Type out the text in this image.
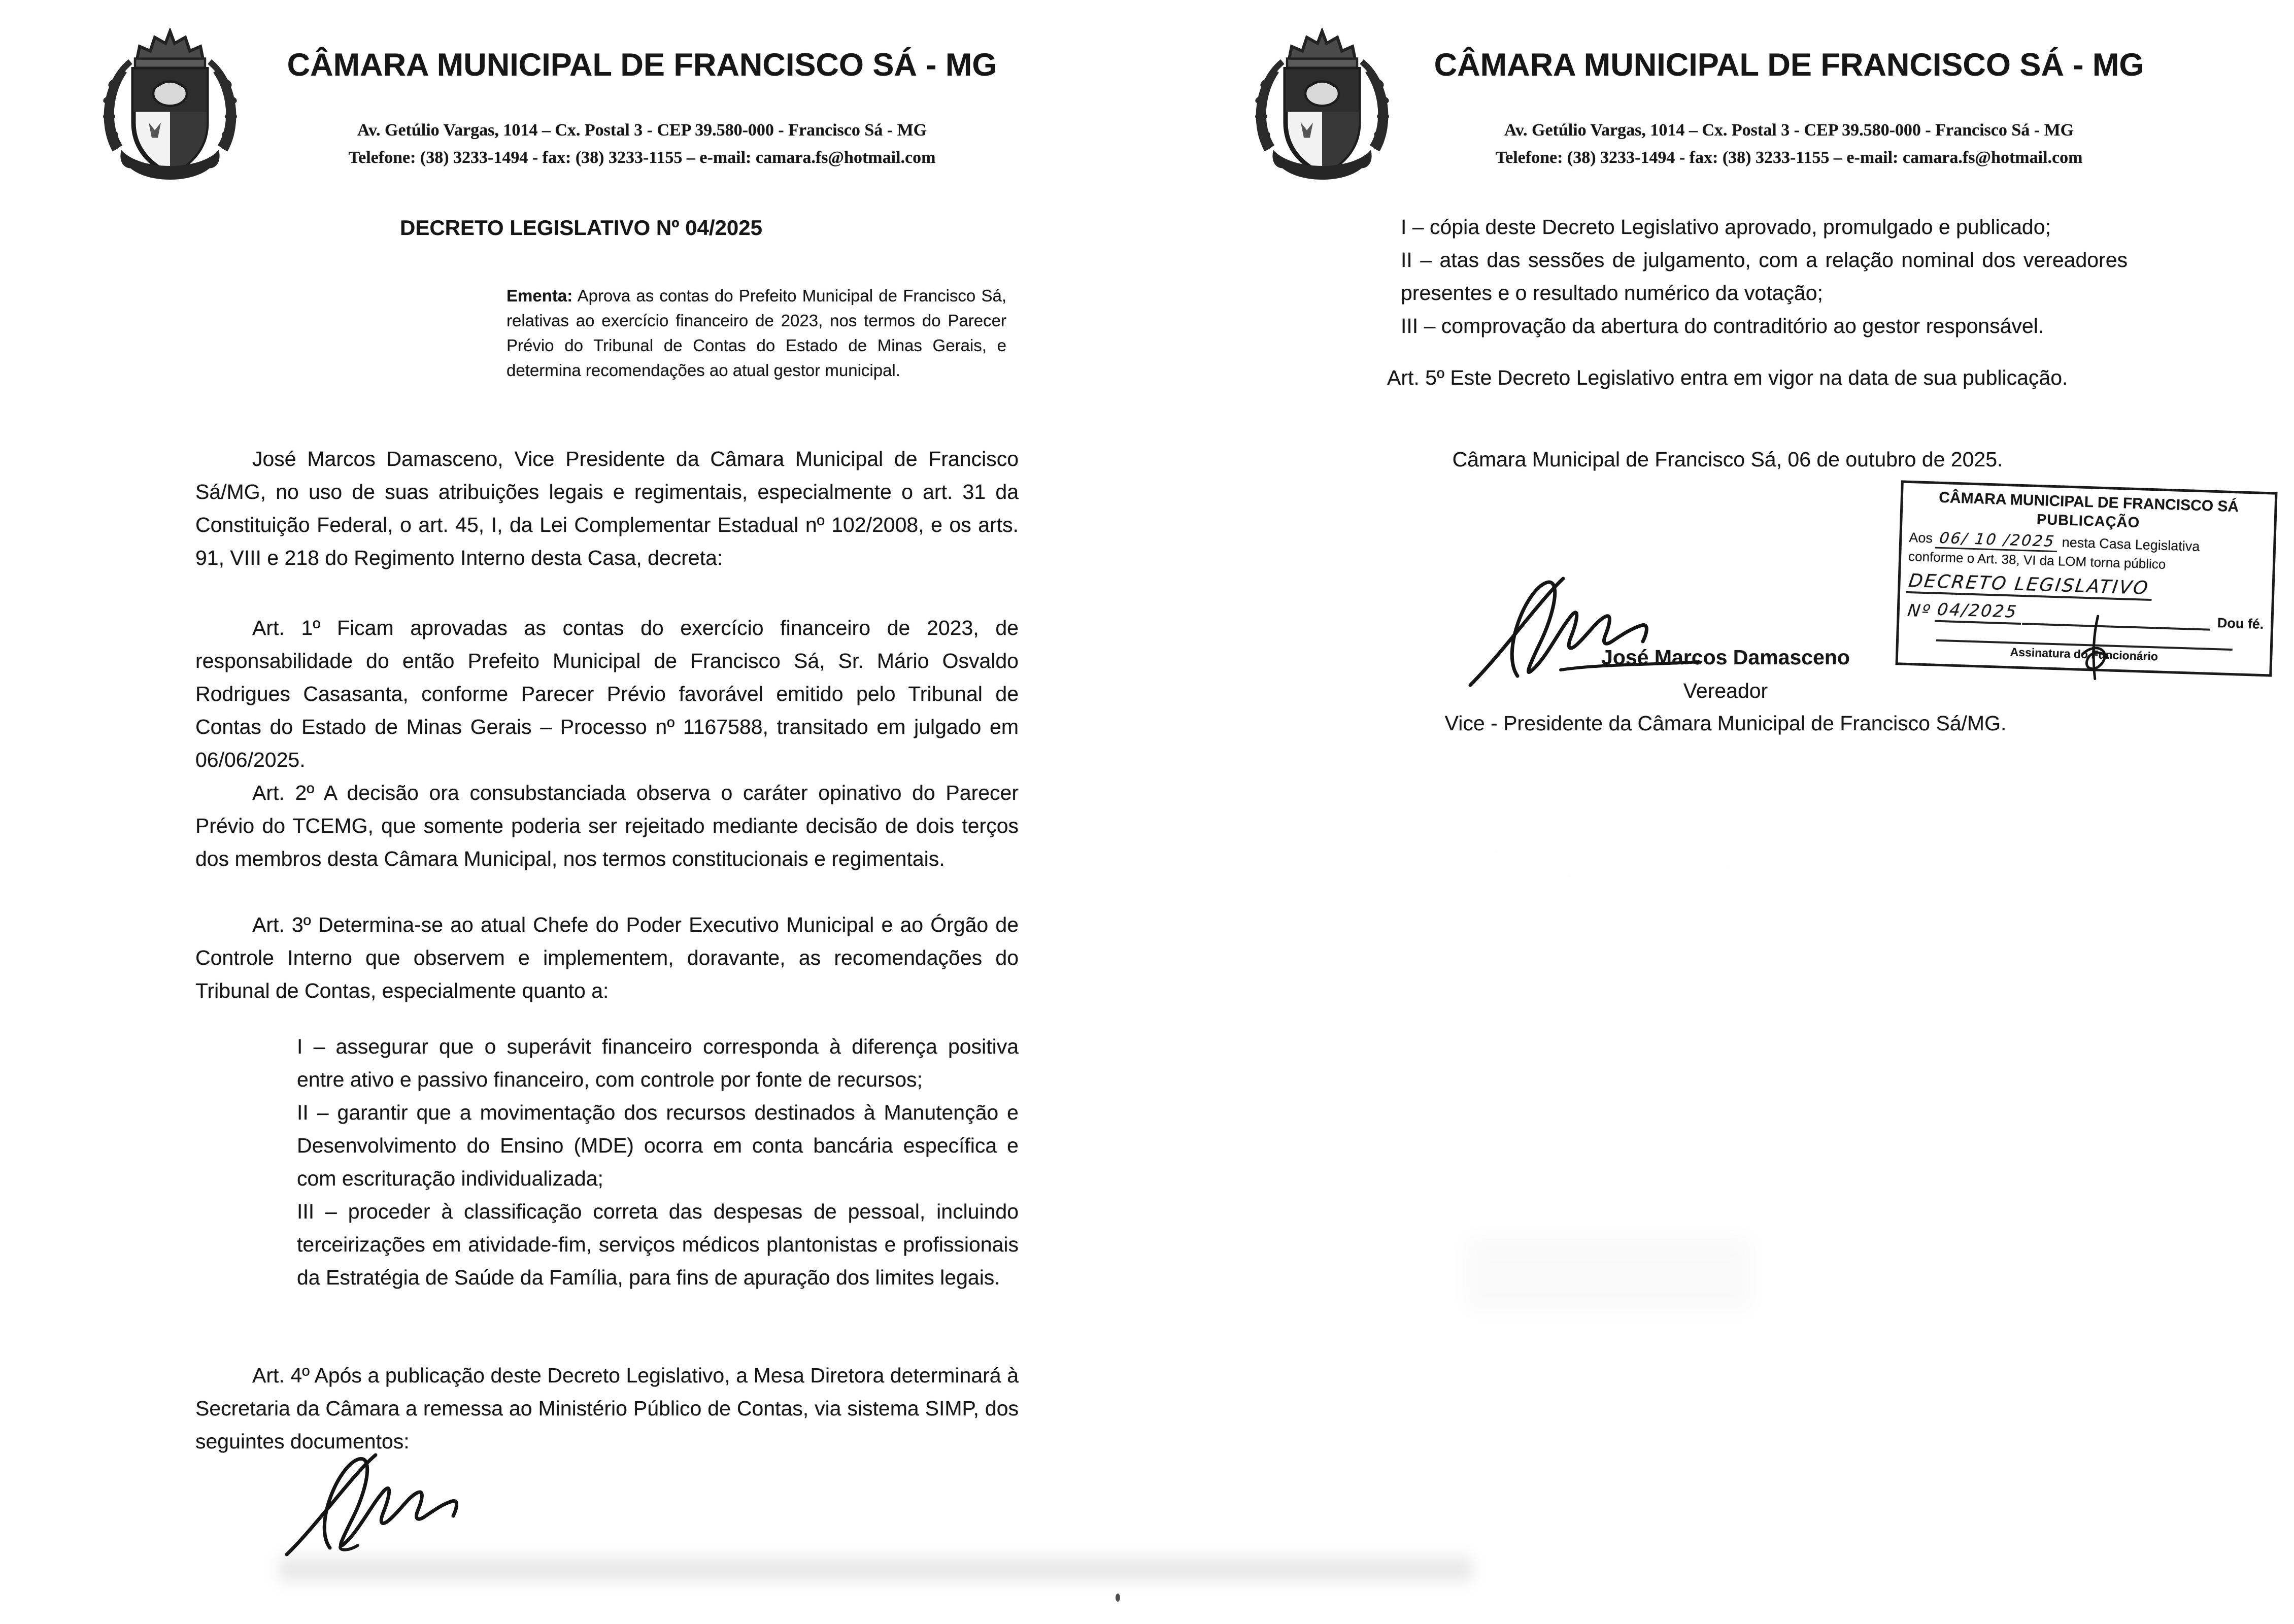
CÂMARA MUNICIPAL DE FRANCISCO SÁ - MG
Av. Getúlio Vargas, 1014 – Cx. Postal 3 - CEP 39.580-000 - Francisco Sá - MG
Telefone: (38) 3233-1494 - fax: (38) 3233-1155 – e-mail: camara.fs@hotmail.com
DECRETO LEGISLATIVO Nº 04/2025
Ementa: Aprova as contas do Prefeito Municipal de Francisco Sá, relativas ao exercício financeiro de 2023, nos termos do Parecer Prévio do Tribunal de Contas do Estado de Minas Gerais, e determina recomendações ao atual gestor municipal.
José Marcos Damasceno, Vice Presidente da Câmara Municipal de Francisco Sá/MG, no uso de suas atribuições legais e regimentais, especialmente o art. 31 da Constituição Federal, o art. 45, I, da Lei Complementar Estadual nº 102/2008, e os arts. 91, VIII e 218 do Regimento Interno desta Casa, decreta:
Art. 1º Ficam aprovadas as contas do exercício financeiro de 2023, de responsabilidade do então Prefeito Municipal de Francisco Sá, Sr. Mário Osvaldo Rodrigues Casasanta, conforme Parecer Prévio favorável emitido pelo Tribunal de Contas do Estado de Minas Gerais – Processo nº 1167588, transitado em julgado em 06/06/2025.
Art. 2º A decisão ora consubstanciada observa o caráter opinativo do Parecer Prévio do TCEMG, que somente poderia ser rejeitado mediante decisão de dois terços dos membros desta Câmara Municipal, nos termos constitucionais e regimentais.
Art. 3º Determina-se ao atual Chefe do Poder Executivo Municipal e ao Órgão de Controle Interno que observem e implementem, doravante, as recomendações do Tribunal de Contas, especialmente quanto a:
I – assegurar que o superávit financeiro corresponda à diferença positiva entre ativo e passivo financeiro, com controle por fonte de recursos;
II – garantir que a movimentação dos recursos destinados à Manutenção e Desenvolvimento do Ensino (MDE) ocorra em conta bancária específica e com escrituração individualizada;
III – proceder à classificação correta das despesas de pessoal, incluindo terceirizações em atividade-fim, serviços médicos plantonistas e profissionais da Estratégia de Saúde da Família, para fins de apuração dos limites legais.
Art. 4º Após a publicação deste Decreto Legislativo, a Mesa Diretora determinará à Secretaria da Câmara a remessa ao Ministério Público de Contas, via sistema SIMP, dos seguintes documentos:
CÂMARA MUNICIPAL DE FRANCISCO SÁ - MG
Av. Getúlio Vargas, 1014 – Cx. Postal 3 - CEP 39.580-000 - Francisco Sá - MG
Telefone: (38) 3233-1494 - fax: (38) 3233-1155 – e-mail: camara.fs@hotmail.com
I – cópia deste Decreto Legislativo aprovado, promulgado e publicado;
II – atas das sessões de julgamento, com a relação nominal dos vereadores presentes e o resultado numérico da votação;
III – comprovação da abertura do contraditório ao gestor responsável.
Art. 5º Este Decreto Legislativo entra em vigor na data de sua publicação.
Câmara Municipal de Francisco Sá, 06 de outubro de 2025.
CÂMARA MUNICIPAL DE FRANCISCO SÁ
PUBLICAÇÃO
Aos 06/ 10 /2025 nesta Casa Legislativa
conforme o Art. 38, VI da LOM torna público
DECRETO LEGISLATIVO
Nº 04/2025
Dou fé.
Assinatura do Funcionário
José Marcos Damasceno
Vereador
Vice - Presidente da Câmara Municipal de Francisco Sá/MG.
